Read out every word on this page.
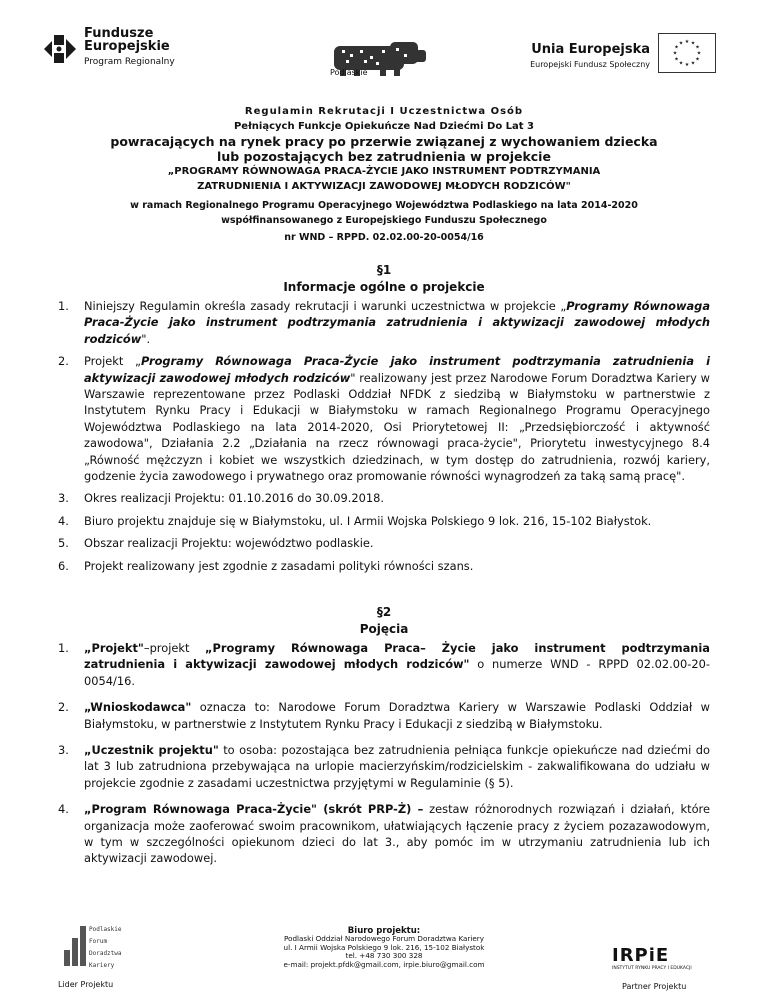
Fundusze
Europejskie
Program Regionalny
Podlaskie
Unia Europejska
Europejski Fundusz Społeczny
★ ★
★
★
★
★
★
★
★
★
★
★
Regulamin Rekrutacji I Uczestnictwa Osób
Pełniących Funkcje Opiekuńcze Nad Dziećmi Do Lat 3
powracających na rynek pracy po przerwie związanej z wychowaniem dziecka
lub pozostających bez zatrudnienia w projekcie
„PROGRAMY RÓWNOWAGA PRACA-ŻYCIE JAKO INSTRUMENT PODTRZYMANIA
ZATRUDNIENIA I AKTYWIZACJI ZAWODOWEJ MŁODYCH RODZICÓW"
w ramach Regionalnego Programu Operacyjnego Województwa Podlaskiego na lata 2014-2020
współfinansowanego z Europejskiego Funduszu Społecznego
nr WND – RPPD. 02.02.00-20-0054/16
§1
Informacje ogólne o projekcie
1. Niniejszy Regulamin określa zasady rekrutacji i warunki uczestnictwa w projekcie „Programy Równowaga Praca-Życie jako instrument podtrzymania zatrudnienia i aktywizacji zawodowej młodych rodziców".
2. Projekt „Programy Równowaga Praca-Życie jako instrument podtrzymania zatrudnienia i aktywizacji zawodowej młodych rodziców" realizowany jest przez Narodowe Forum Doradztwa Kariery w Warszawie reprezentowane przez Podlaski Oddział NFDK z siedzibą w Białymstoku w partnerstwie z Instytutem Rynku Pracy i Edukacji w Białymstoku w ramach Regionalnego Programu Operacyjnego Województwa Podlaskiego na lata 2014-2020, Osi Priorytetowej II: „Przedsiębiorczość i aktywność zawodowa", Działania 2.2 „Działania na rzecz równowagi praca-życie", Priorytetu inwestycyjnego 8.4 „Równość mężczyzn i kobiet we wszystkich dziedzinach, w tym dostęp do zatrudnienia, rozwój kariery, godzenie życia zawodowego i prywatnego oraz promowanie równości wynagrodzeń za taką samą pracę".
3. Okres realizacji Projektu: 01.10.2016 do 30.09.2018.
4. Biuro projektu znajduje się w Białymstoku, ul. I Armii Wojska Polskiego 9 lok. 216, 15-102 Białystok.
5. Obszar realizacji Projektu: województwo podlaskie.
6. Projekt realizowany jest zgodnie z zasadami polityki równości szans.
§2
Pojęcia
1. „Projekt"–projekt „Programy Równowaga Praca– Życie jako instrument podtrzymania zatrudnienia i aktywizacji zawodowej młodych rodziców" o numerze WND - RPPD 02.02.00-20-0054/16.
2. „Wnioskodawca" oznacza to: Narodowe Forum Doradztwa Kariery w Warszawie Podlaski Oddział w Białymstoku, w partnerstwie z Instytutem Rynku Pracy i Edukacji z siedzibą w Białymstoku.
3. „Uczestnik projektu" to osoba: pozostająca bez zatrudnienia pełniąca funkcje opiekuńcze nad dziećmi do lat 3 lub zatrudniona przebywająca na urlopie macierzyńskim/rodzicielskim - zakwalifikowana do udziału w projekcie zgodnie z zasadami uczestnictwa przyjętymi w Regulaminie (§ 5).
4. „Program Równowaga Praca-Życie" (skrót PRP-Ż) – zestaw różnorodnych rozwiązań i działań, które organizacja może zaoferować swoim pracownikom, ułatwiających łączenie pracy z życiem pozazawodowym, w tym w szczególności opiekunom dzieci do lat 3., aby pomóc im w utrzymaniu zatrudnienia lub ich aktywizacji zawodowej.
Podlaskie
Forum
Doradztwa
Kariery
Lider Projektu
Biuro projektu:
Podlaski Oddział Narodowego Forum Doradztwa Kariery
ul. I Armii Wojska Polskiego 9 lok. 216, 15-102 Białystok
tel. +48 730 300 328
e-mail: projekt.pfdk@gmail.com, irpie.biuro@gmail.com	IRPiE
INSTYTUT RYNKU PRACY I EDUKACJI
Partner Projektu
